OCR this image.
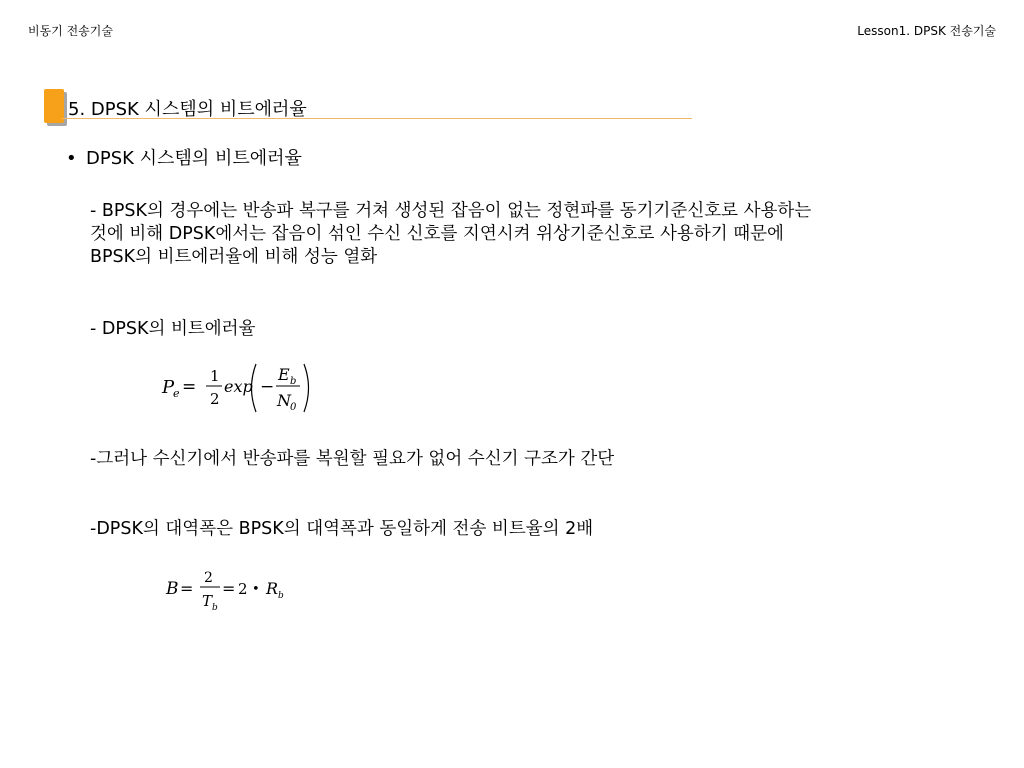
비동기 전송기술	Lesson1. DPSK 전송기술
5. DPSK 시스템의 비트에러율
• DPSK 시스템의 비트에러율
- BPSK의 경우에는 반송파 복구를 거쳐 생성된 잡음이 없는 정현파를 동기기준신호로 사용하는
것에 비해 DPSK에서는 잡음이 섞인 수신 신호를 지연시켜 위상기준신호로 사용하기 때문에
BPSK의 비트에러율에 비해 성능 열화
- DPSK의 비트에러율
P
e =
1
2
exp −
E b
N 0
-그러나 수신기에서 반송파를 복원할 필요가 없어 수신기 구조가 간단
-DPSK의 대역폭은 BPSK의 대역폭과 동일하게 전송 비트율의 2배
B =
2
T b
= 2 • R b
